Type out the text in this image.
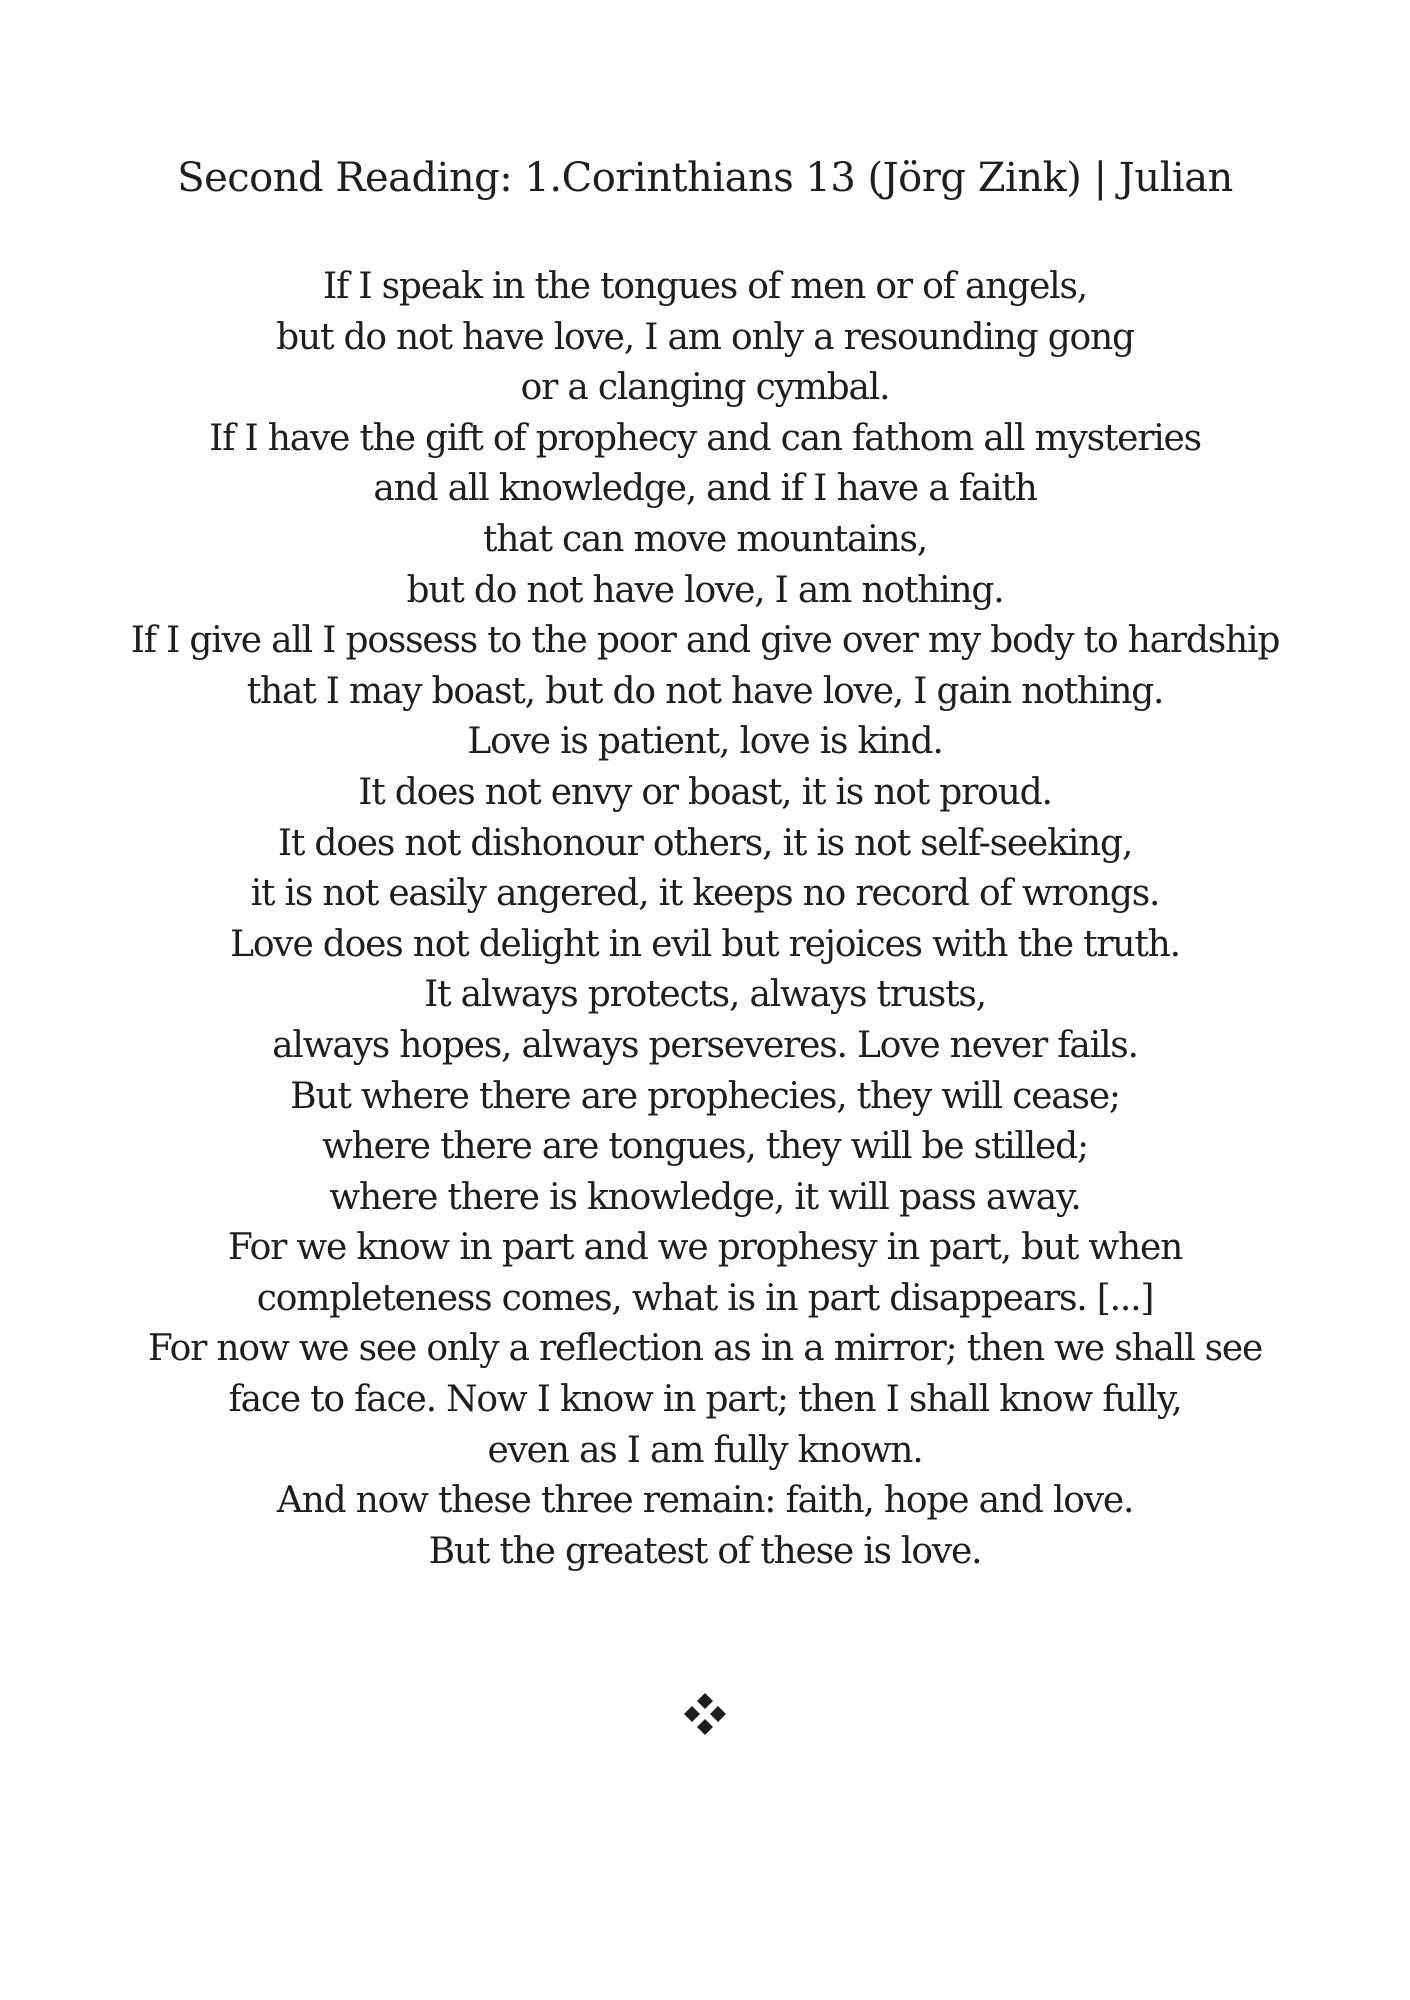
Second Reading: 1.Corinthians 13 (Jörg Zink) | Julian
If I speak in the tongues of men or of angels,
but do not have love, I am only a resounding gong
or a clanging cymbal.
If I have the gift of prophecy and can fathom all mysteries
and all knowledge, and if I have a faith
that can move mountains,
but do not have love, I am nothing.
If I give all I possess to the poor and give over my body to hardship
that I may boast, but do not have love, I gain nothing.
Love is patient, love is kind.
It does not envy or boast, it is not proud.
It does not dishonour others, it is not self-seeking,
it is not easily angered, it keeps no record of wrongs.
Love does not delight in evil but rejoices with the truth.
It always protects, always trusts,
always hopes, always perseveres. Love never fails.
But where there are prophecies, they will cease;
where there are tongues, they will be stilled;
where there is knowledge, it will pass away.
For we know in part and we prophesy in part, but when
completeness comes, what is in part disappears. [...]
For now we see only a reflection as in a mirror; then we shall see
face to face. Now I know in part; then I shall know fully,
even as I am fully known.
And now these three remain: faith, hope and love.
But the greatest of these is love.
